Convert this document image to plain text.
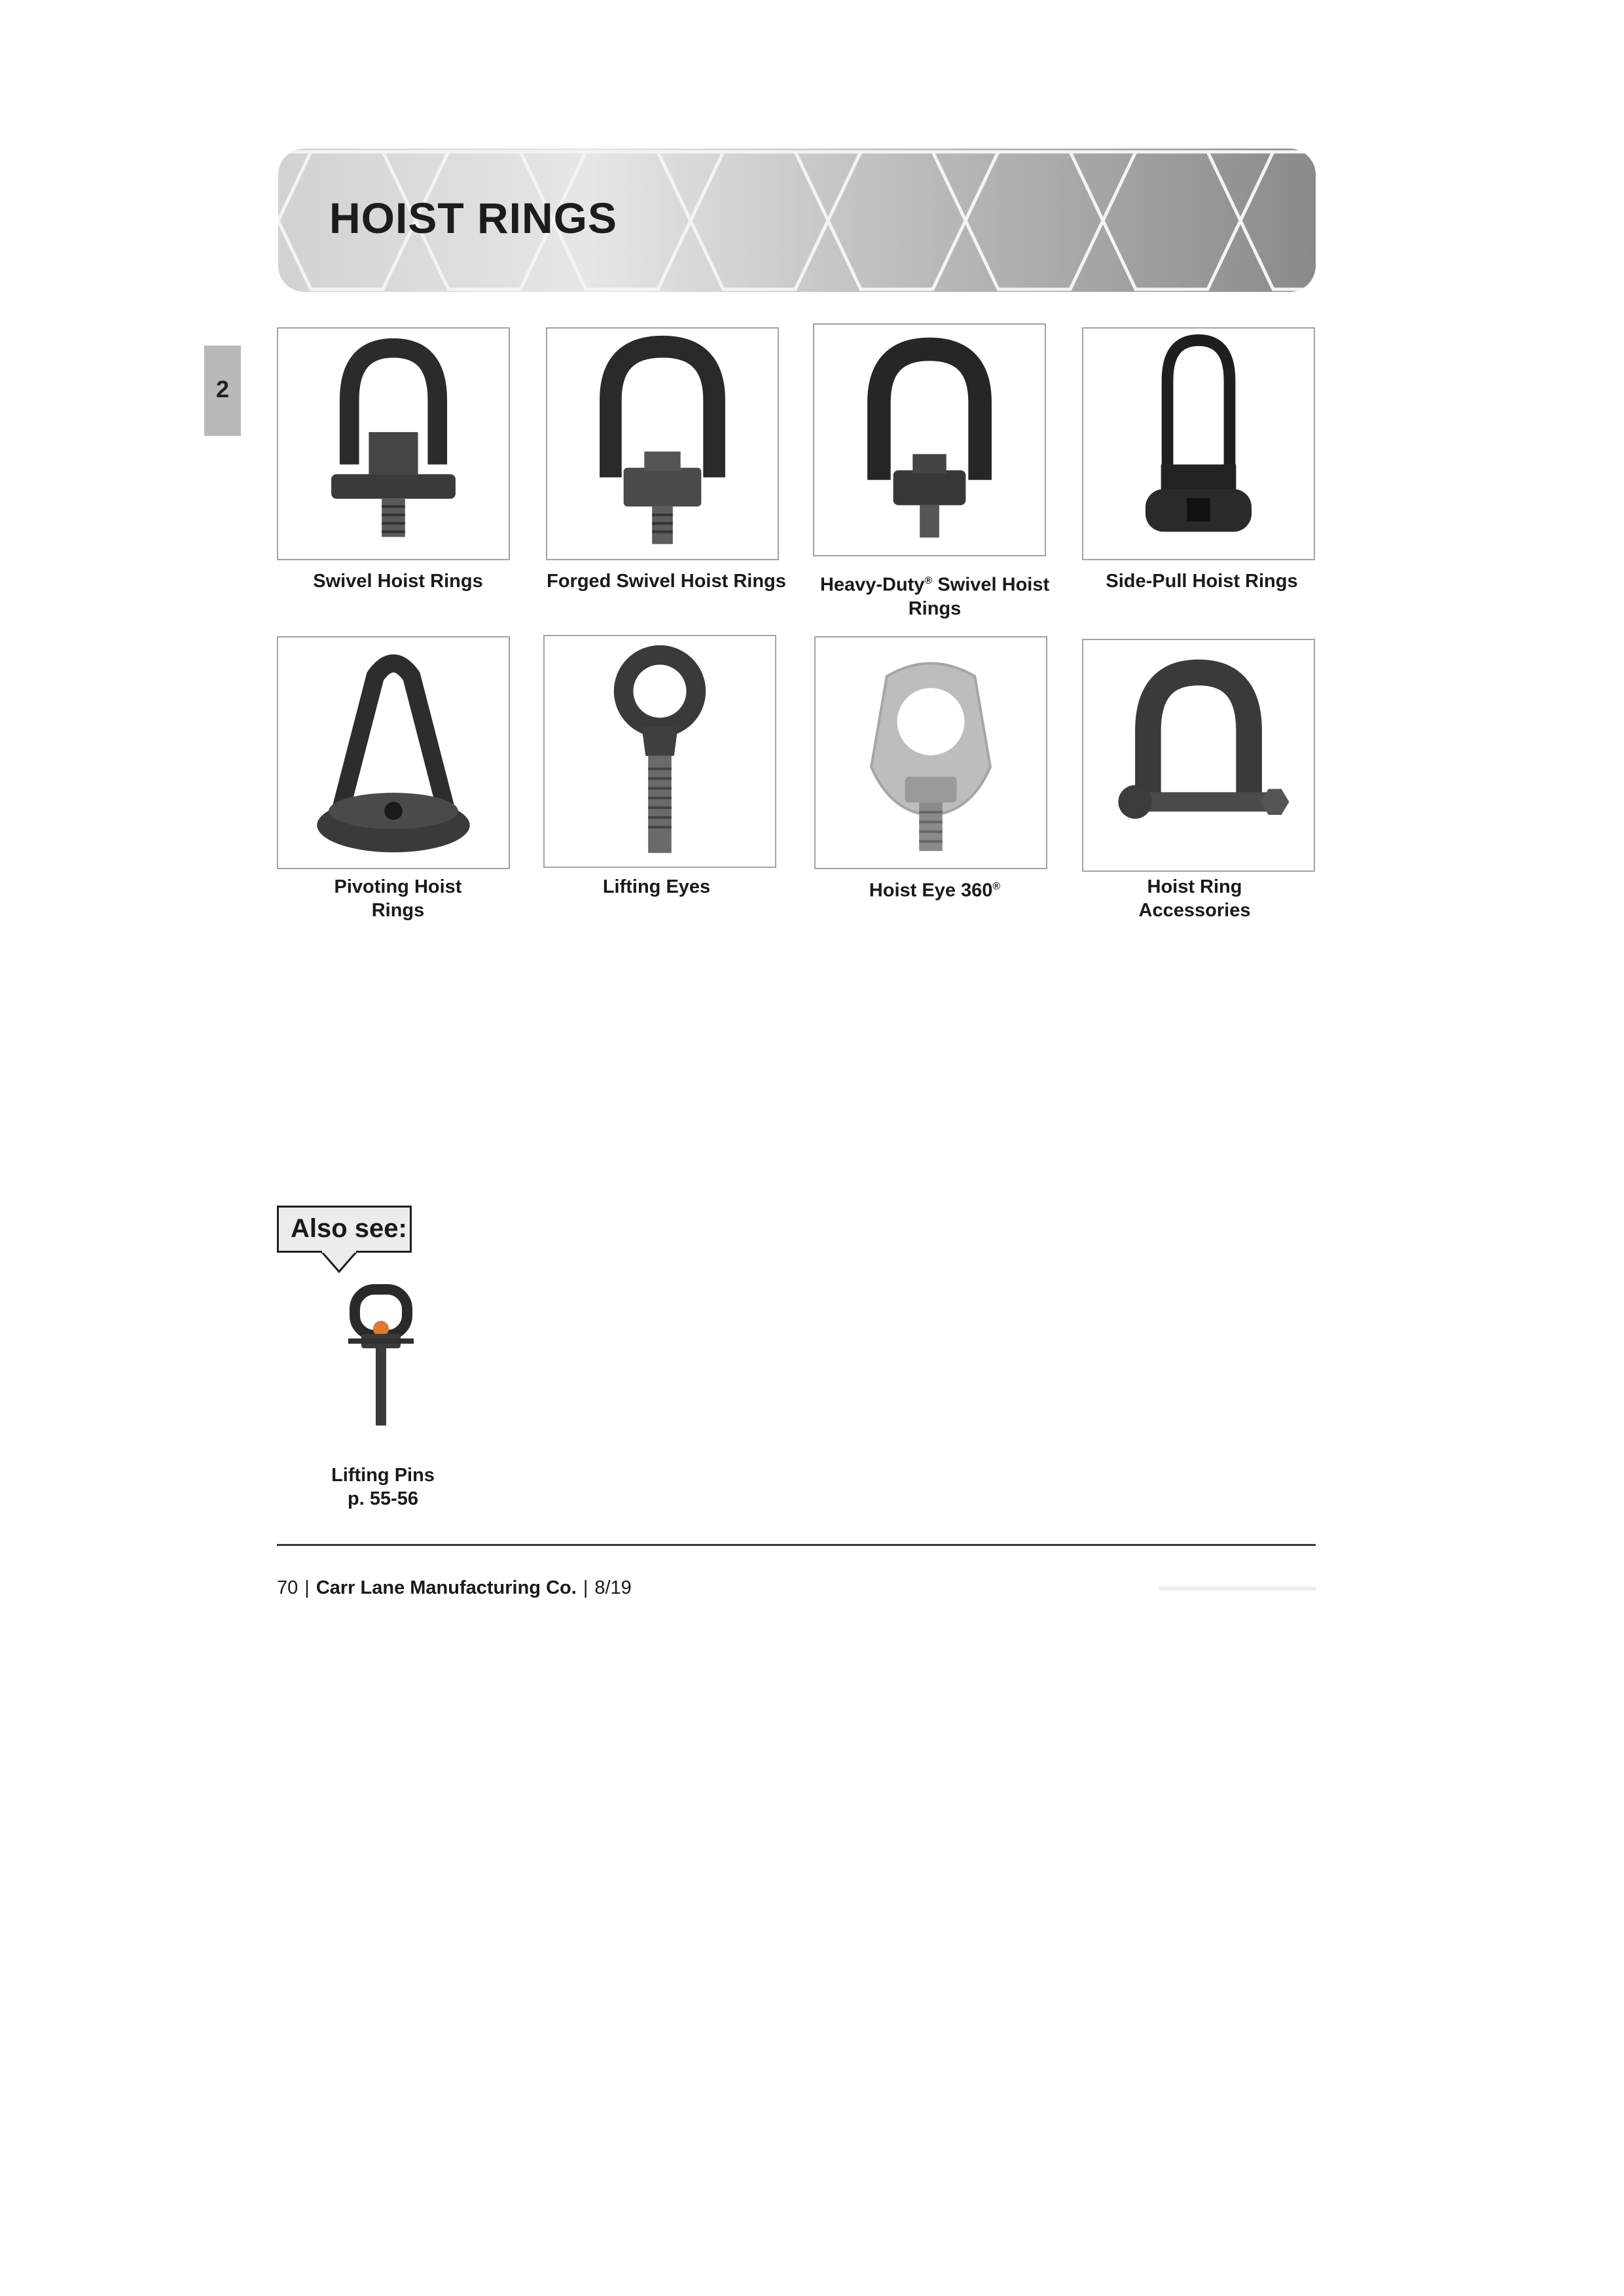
HOIST RINGS
2
Swivel Hoist Rings	Forged Swivel Hoist Rings	Heavy-Duty® Swivel Hoist Rings
Side-Pull Hoist Rings
Pivoting Hoist
Rings
Lifting Eyes	Hoist Eye 360®	Hoist Ring
Accessories
Also see:
Lifting Pins
p. 55-56
70 | Carr Lane Manufacturing Co. | 8/19
